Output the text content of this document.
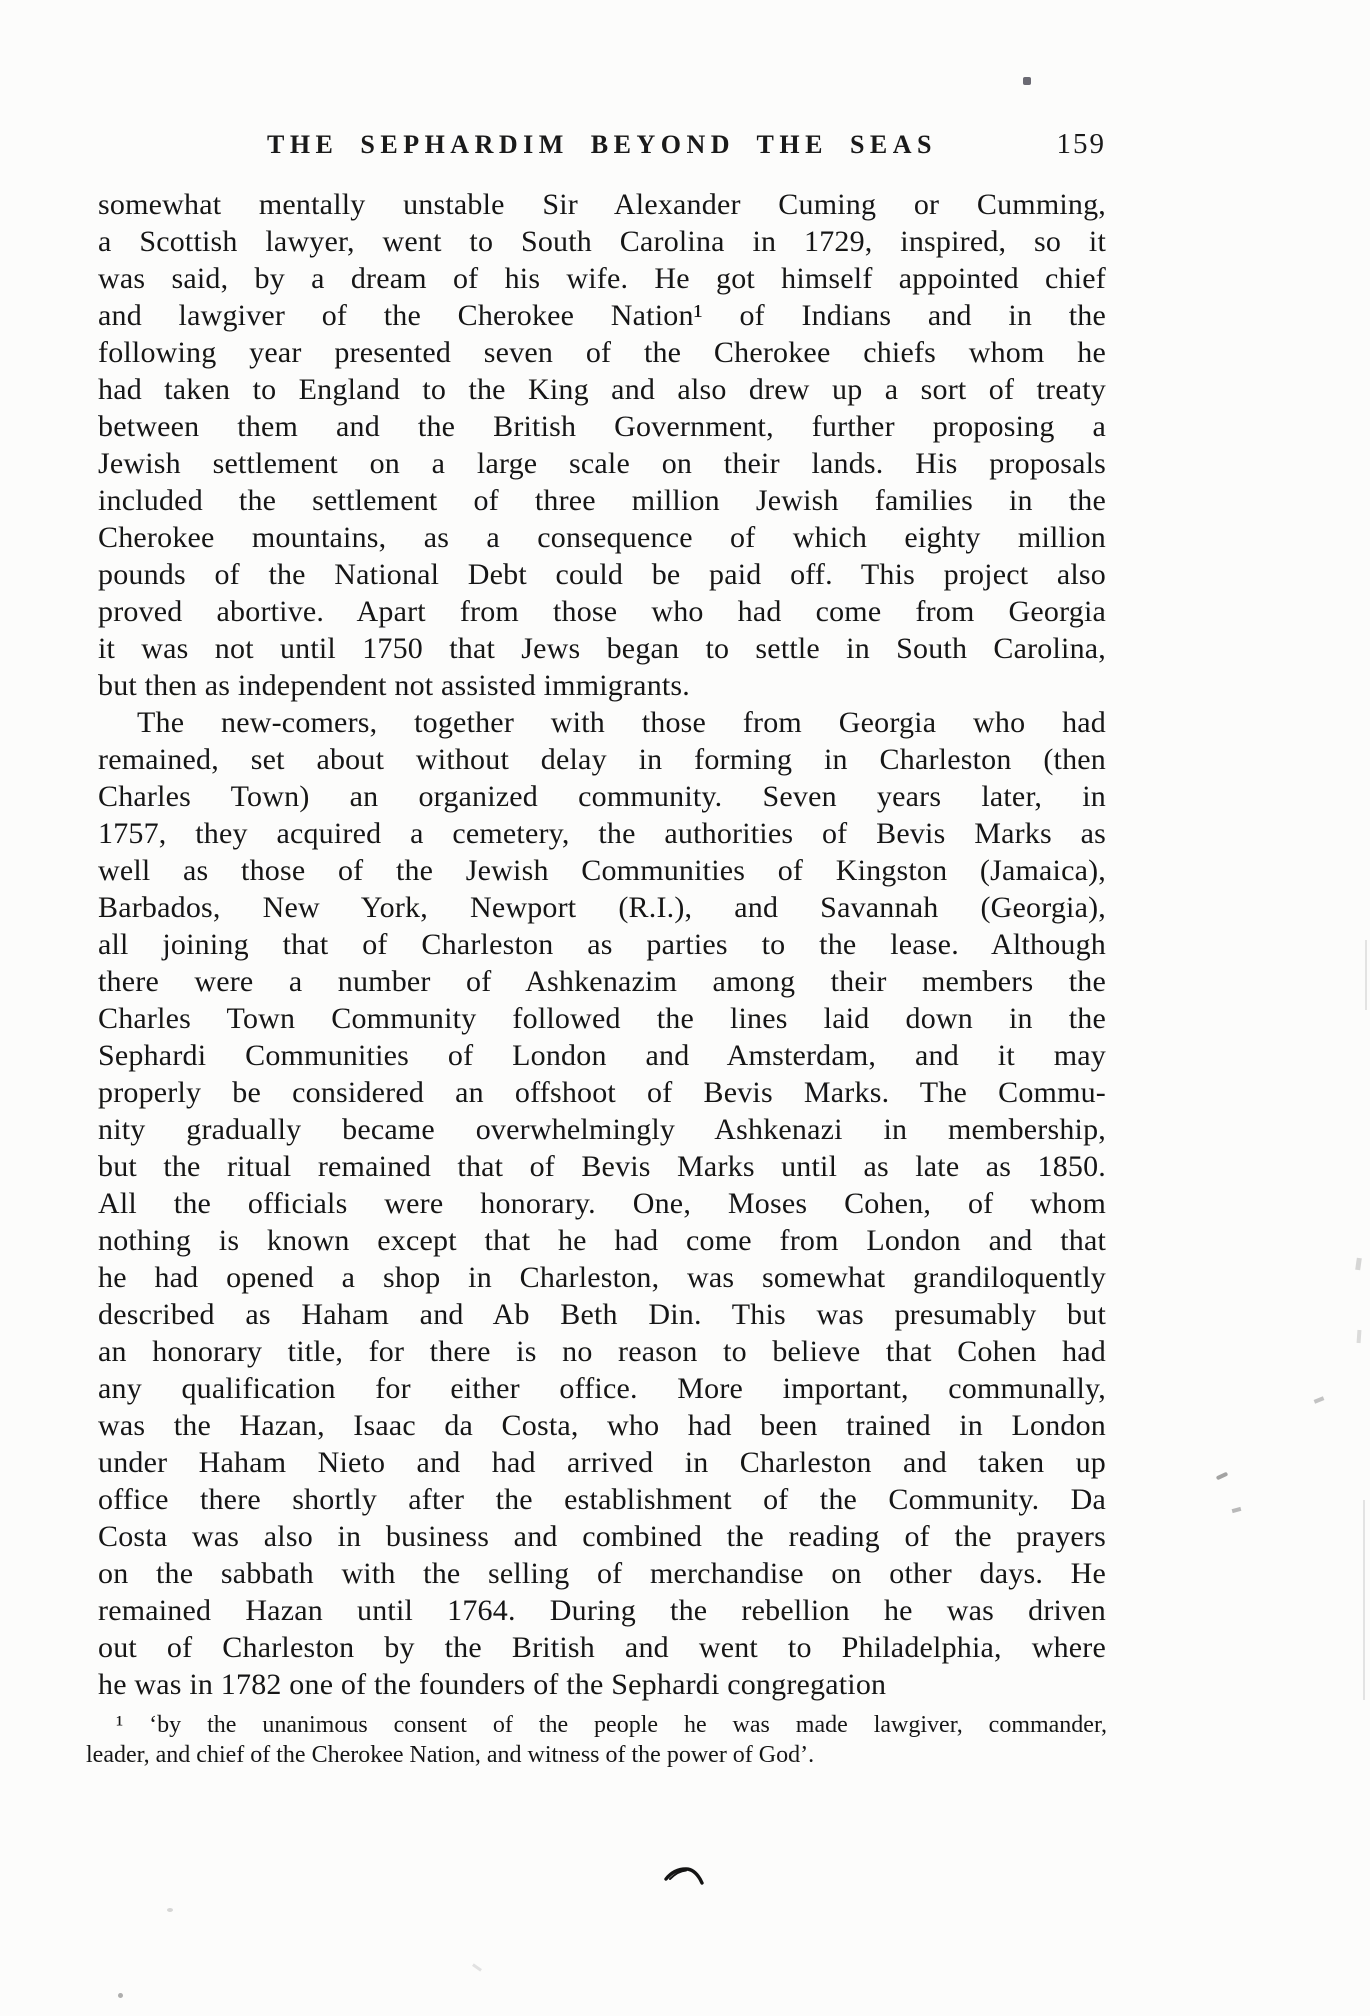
THE SEPHARDIM BEYOND THE SEAS	159
somewhat mentally unstable Sir Alexander Cuming or Cumming,
a Scottish lawyer, went to South Carolina in 1729, inspired, so it
was said, by a dream of his wife. He got himself appointed chief
and lawgiver of the Cherokee Nation¹ of Indians and in the
following year presented seven of the Cherokee chiefs whom he
had taken to England to the King and also drew up a sort of treaty
between them and the British Government, further proposing a
Jewish settlement on a large scale on their lands. His proposals
included the settlement of three million Jewish families in the
Cherokee mountains, as a consequence of which eighty million
pounds of the National Debt could be paid off. This project also
proved abortive. Apart from those who had come from Georgia
it was not until 1750 that Jews began to settle in South Carolina,
but then as independent not assisted immigrants.
The new-comers, together with those from Georgia who had
remained, set about without delay in forming in Charleston (then
Charles Town) an organized community. Seven years later, in
1757, they acquired a cemetery, the authorities of Bevis Marks as
well as those of the Jewish Communities of Kingston (Jamaica),
Barbados, New York, Newport (R.I.), and Savannah (Georgia),
all joining that of Charleston as parties to the lease. Although
there were a number of Ashkenazim among their members the
Charles Town Community followed the lines laid down in the
Sephardi Communities of London and Amsterdam, and it may
properly be considered an offshoot of Bevis Marks. The Commu-
nity gradually became overwhelmingly Ashkenazi in membership,
but the ritual remained that of Bevis Marks until as late as 1850.
All the officials were honorary. One, Moses Cohen, of whom
nothing is known except that he had come from London and that
he had opened a shop in Charleston, was somewhat grandiloquently
described as Haham and Ab Beth Din. This was presumably but
an honorary title, for there is no reason to believe that Cohen had
any qualification for either office. More important, communally,
was the Hazan, Isaac da Costa, who had been trained in London
under Haham Nieto and had arrived in Charleston and taken up
office there shortly after the establishment of the Community. Da
Costa was also in business and combined the reading of the prayers
on the sabbath with the selling of merchandise on other days. He
remained Hazan until 1764. During the rebellion he was driven
out of Charleston by the British and went to Philadelphia, where
he was in 1782 one of the founders of the Sephardi congregation
¹ ‘by the unanimous consent of the people he was made lawgiver, commander,
leader, and chief of the Cherokee Nation, and witness of the power of God’.
